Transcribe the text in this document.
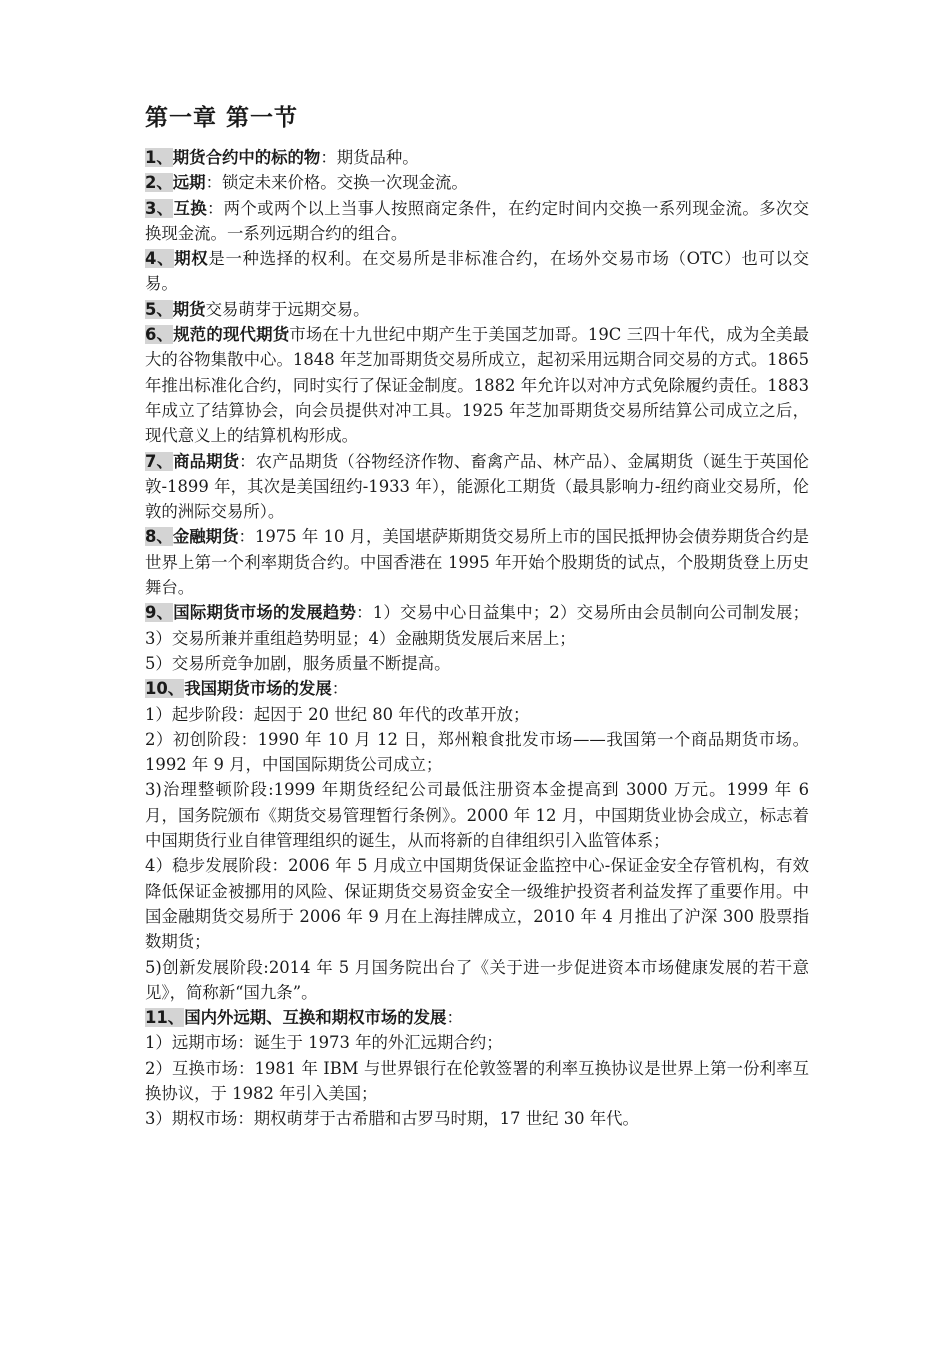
第一章 第一节

1、期货合约中的标的物：期货品种。

2、远期：锁定未来价格。交换一次现金流。

3、互换：两个或两个以上当事人按照商定条件，在约定时间内交换一系列现金流。多次交换现金流。一系列远期合约的组合。

4、期权是一种选择的权利。在交易所是非标准合约，在场外交易市场（OTC）也可以交易。

5、期货交易萌芽于远期交易。

6、规范的现代期货市场在十九世纪中期产生于美国芝加哥。19C 三四十年代，成为全美最大的谷物集散中心。1848 年芝加哥期货交易所成立，起初采用远期合同交易的方式。1865 年推出标准化合约，同时实行了保证金制度。1882 年允许以对冲方式免除履约责任。1883 年成立了结算协会，向会员提供对冲工具。1925 年芝加哥期货交易所结算公司成立之后，现代意义上的结算机构形成。

7、商品期货：农产品期货（谷物经济作物、畜禽产品、林产品）、金属期货（诞生于英国伦敦-1899 年，其次是美国纽约-1933 年），能源化工期货（最具影响力-纽约商业交易所，伦敦的洲际交易所）。

8、金融期货：1975 年 10 月，美国堪萨斯期货交易所上市的国民抵押协会债券期货合约是世界上第一个利率期货合约。中国香港在 1995 年开始个股期货的试点，个股期货登上历史舞台。

9、国际期货市场的发展趋势：1）交易中心日益集中；2）交易所由会员制向公司制发展；3）交易所兼并重组趋势明显；4）金融期货发展后来居上；

5）交易所竞争加剧，服务质量不断提高。

10、我国期货市场的发展：

1）起步阶段：起因于 20 世纪 80 年代的改革开放；

2）初创阶段：1990 年 10 月 12 日，郑州粮食批发市场——我国第一个商品期货市场。1992 年 9 月，中国国际期货公司成立；

3)治理整顿阶段:1999 年期货经纪公司最低注册资本金提高到 3000 万元。1999 年 6 月，国务院颁布《期货交易管理暂行条例》。2000 年 12 月，中国期货业协会成立，标志着中国期货行业自律管理组织的诞生，从而将新的自律组织引入监管体系；

4）稳步发展阶段：2006 年 5 月成立中国期货保证金监控中心-保证金安全存管机构，有效降低保证金被挪用的风险、保证期货交易资金安全一级维护投资者利益发挥了重要作用。中国金融期货交易所于 2006 年 9 月在上海挂牌成立，2010 年 4 月推出了沪深 300 股票指数期货；

5)创新发展阶段:2014 年 5 月国务院出台了《关于进一步促进资本市场健康发展的若干意见》，简称新“国九条”。

11、国内外远期、互换和期权市场的发展：

1）远期市场：诞生于 1973 年的外汇远期合约；

2）互换市场：1981 年 IBM 与世界银行在伦敦签署的利率互换协议是世界上第一份利率互换协议，于 1982 年引入美国；

3）期权市场：期权萌芽于古希腊和古罗马时期，17 世纪 30 年代。
